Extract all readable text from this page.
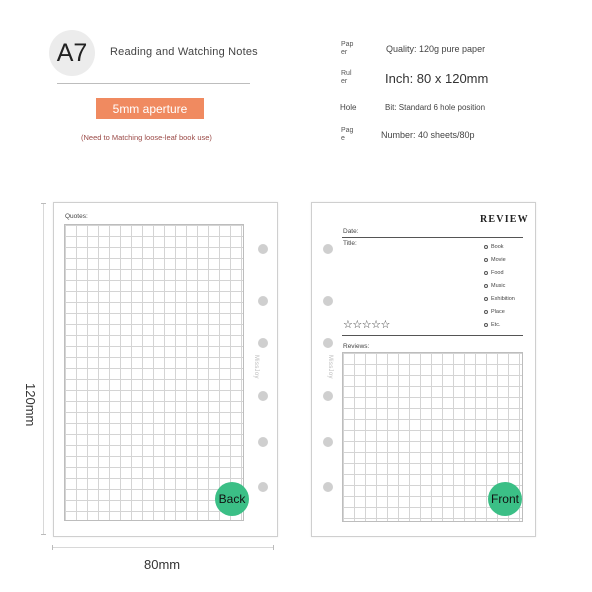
A7 Reading and Watching Notes
5mm aperture
(Need to Matching loose-leaf book use)
Paper	Quality: 120g pure paper
Ruler	Inch: 80 x 120mm
Hole	Bit: Standard 6 hole position
Page	Number: 40 sheets/80p
120mm
80mm
Quotes:
MissJoy
Back
REVIEW
Date:
Title:	Book
Movie
Food
Music
Exhibition
Place
Etc.
☆☆☆☆☆
Reviews:
MissJoy
Front
